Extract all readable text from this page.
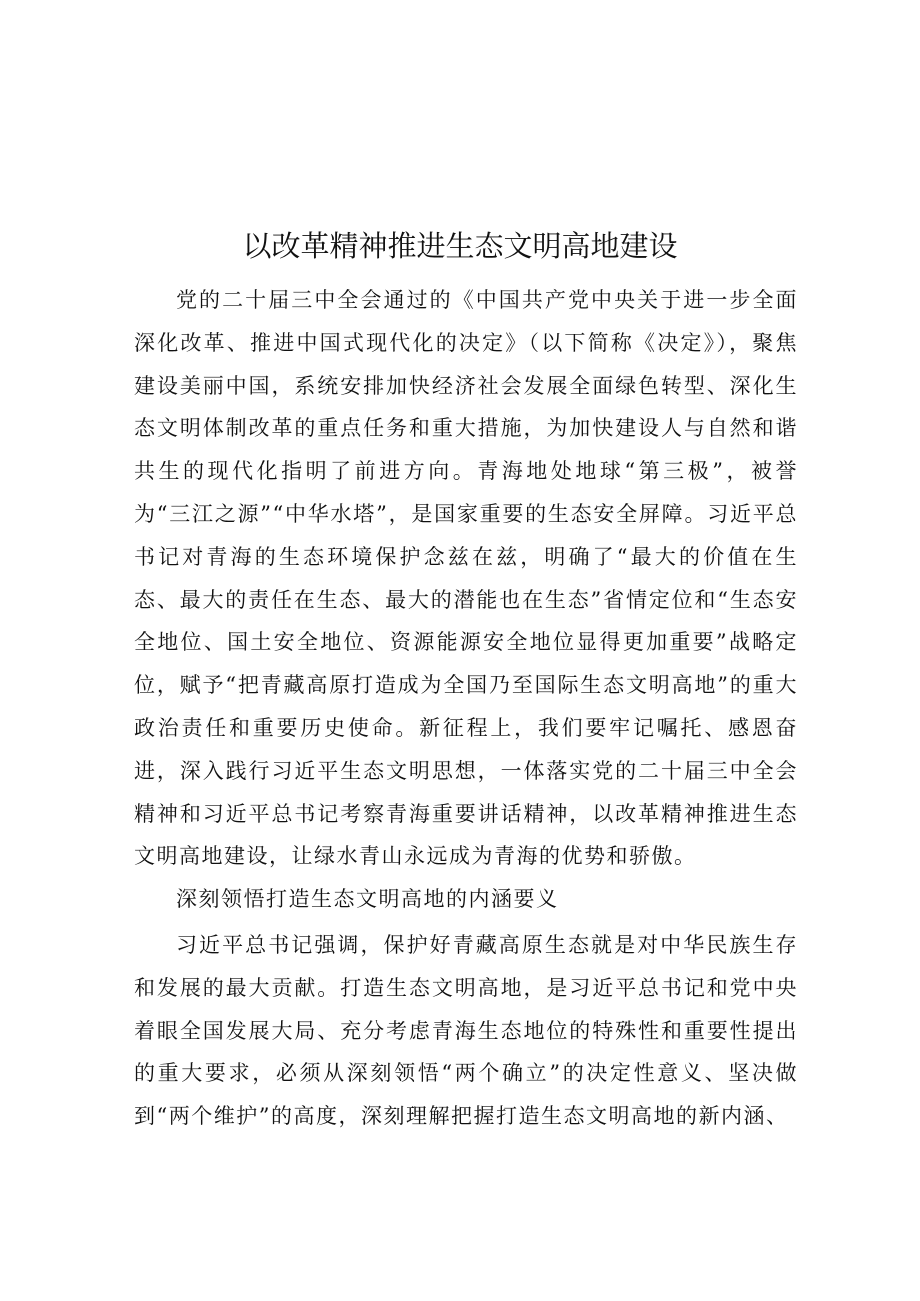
以改革精神推进生态文明高地建设

党的二十届三中全会通过的《中国共产党中央关于进一步全面深化改革、推进中国式现代化的决定》（以下简称《决定》），聚焦建设美丽中国，系统安排加快经济社会发展全面绿色转型、深化生态文明体制改革的重点任务和重大措施，为加快建设人与自然和谐共生的现代化指明了前进方向。青海地处地球“第三极”，被誉为“三江之源”“中华水塔”，是国家重要的生态安全屏障。习近平总书记对青海的生态环境保护念兹在兹，明确了“最大的价值在生态、最大的责任在生态、最大的潜能也在生态”省情定位和“生态安全地位、国土安全地位、资源能源安全地位显得更加重要”战略定位，赋予“把青藏高原打造成为全国乃至国际生态文明高地”的重大政治责任和重要历史使命。新征程上，我们要牢记嘱托、感恩奋进，深入践行习近平生态文明思想，一体落实党的二十届三中全会精神和习近平总书记考察青海重要讲话精神，以改革精神推进生态文明高地建设，让绿水青山永远成为青海的优势和骄傲。

深刻领悟打造生态文明高地的内涵要义

习近平总书记强调，保护好青藏高原生态就是对中华民族生存和发展的最大贡献。打造生态文明高地，是习近平总书记和党中央着眼全国发展大局、充分考虑青海生态地位的特殊性和重要性提出的重大要求，必须从深刻领悟“两个确立”的决定性意义、坚决做到“两个维护”的高度，深刻理解把握打造生态文明高地的新内涵、
